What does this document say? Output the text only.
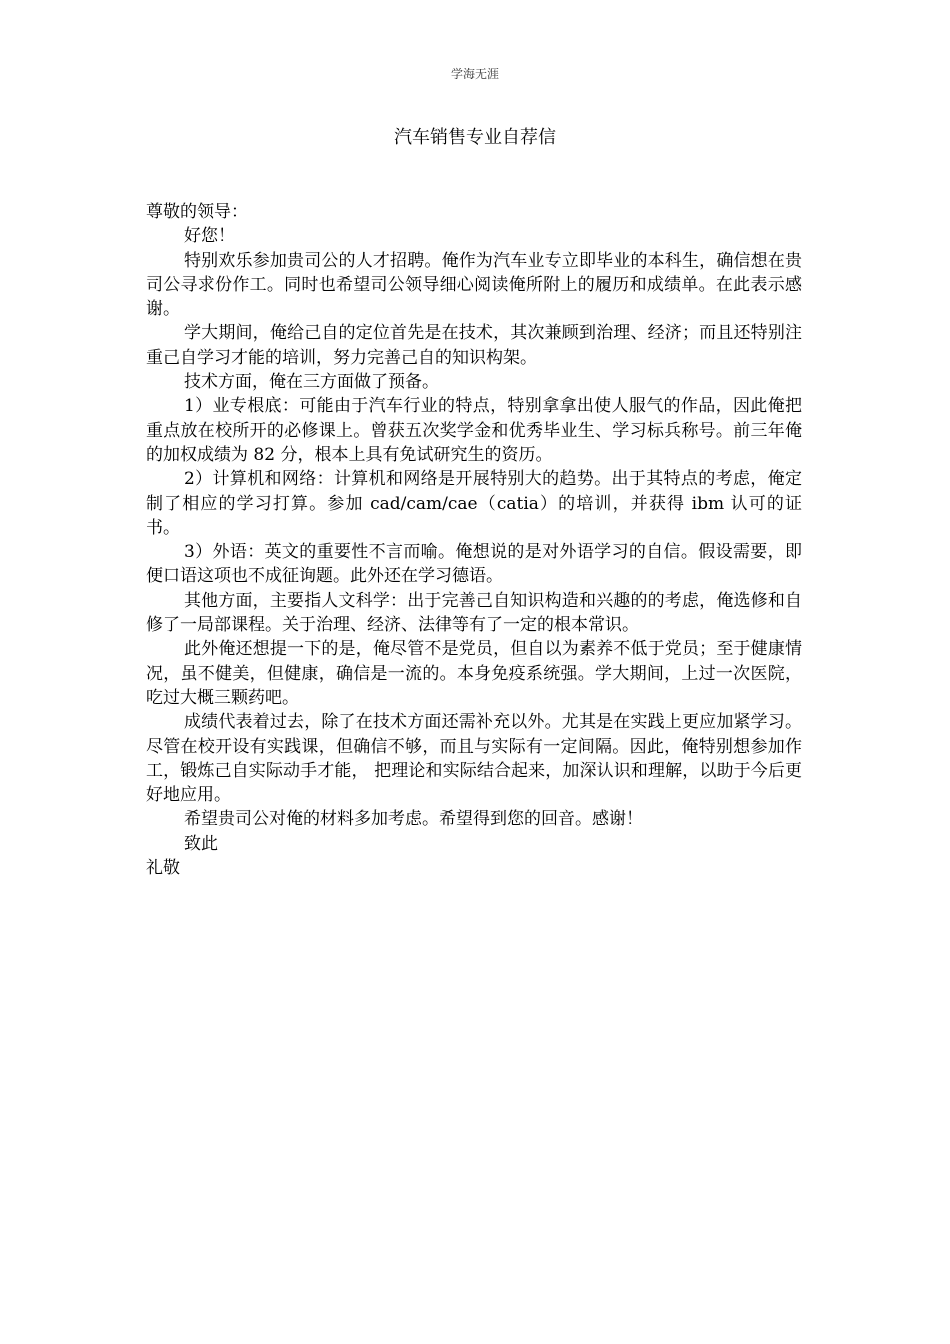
学海无涯
汽车销售专业自荐信

尊敬的领导：

好您！

特别欢乐参加贵司公的人才招聘。俺作为汽车业专立即毕业的本科生，确信想在贵司公寻求份作工。同时也希望司公领导细心阅读俺所附上的履历和成绩单。在此表示感谢。

学大期间，俺给己自的定位首先是在技术，其次兼顾到治理、经济；而且还特别注重己自学习才能的培训，努力完善己自的知识构架。

技术方面，俺在三方面做了预备。

1）业专根底：可能由于汽车行业的特点，特别拿拿出使人服气的作品，因此俺把重点放在校所开的必修课上。曾获五次奖学金和优秀毕业生、学习标兵称号。前三年俺的加权成绩为 82 分，根本上具有免试研究生的资历。

2）计算机和网络：计算机和网络是开展特别大的趋势。出于其特点的考虑，俺定制了相应的学习打算。参加 cad/cam/cae（catia）的培训，并获得 ibm 认可的证书。

3）外语：英文的重要性不言而喻。俺想说的是对外语学习的自信。假设需要，即便口语这项也不成征询题。此外还在学习德语。

其他方面，主要指人文科学：出于完善己自知识构造和兴趣的的考虑，俺选修和自修了一局部课程。关于治理、经济、法律等有了一定的根本常识。

此外俺还想提一下的是，俺尽管不是党员，但自以为素养不低于党员；至于健康情况，虽不健美，但健康，确信是一流的。本身免疫系统强。学大期间，上过一次医院，吃过大概三颗药吧。

成绩代表着过去，除了在技术方面还需补充以外。尤其是在实践上更应加紧学习。尽管在校开设有实践课，但确信不够，而且与实际有一定间隔。因此，俺特别想参加作工，锻炼己自实际动手才能， 把理论和实际结合起来，加深认识和理解，以助于今后更好地应用。

希望贵司公对俺的材料多加考虑。希望得到您的回音。感谢！

致此

礼敬
